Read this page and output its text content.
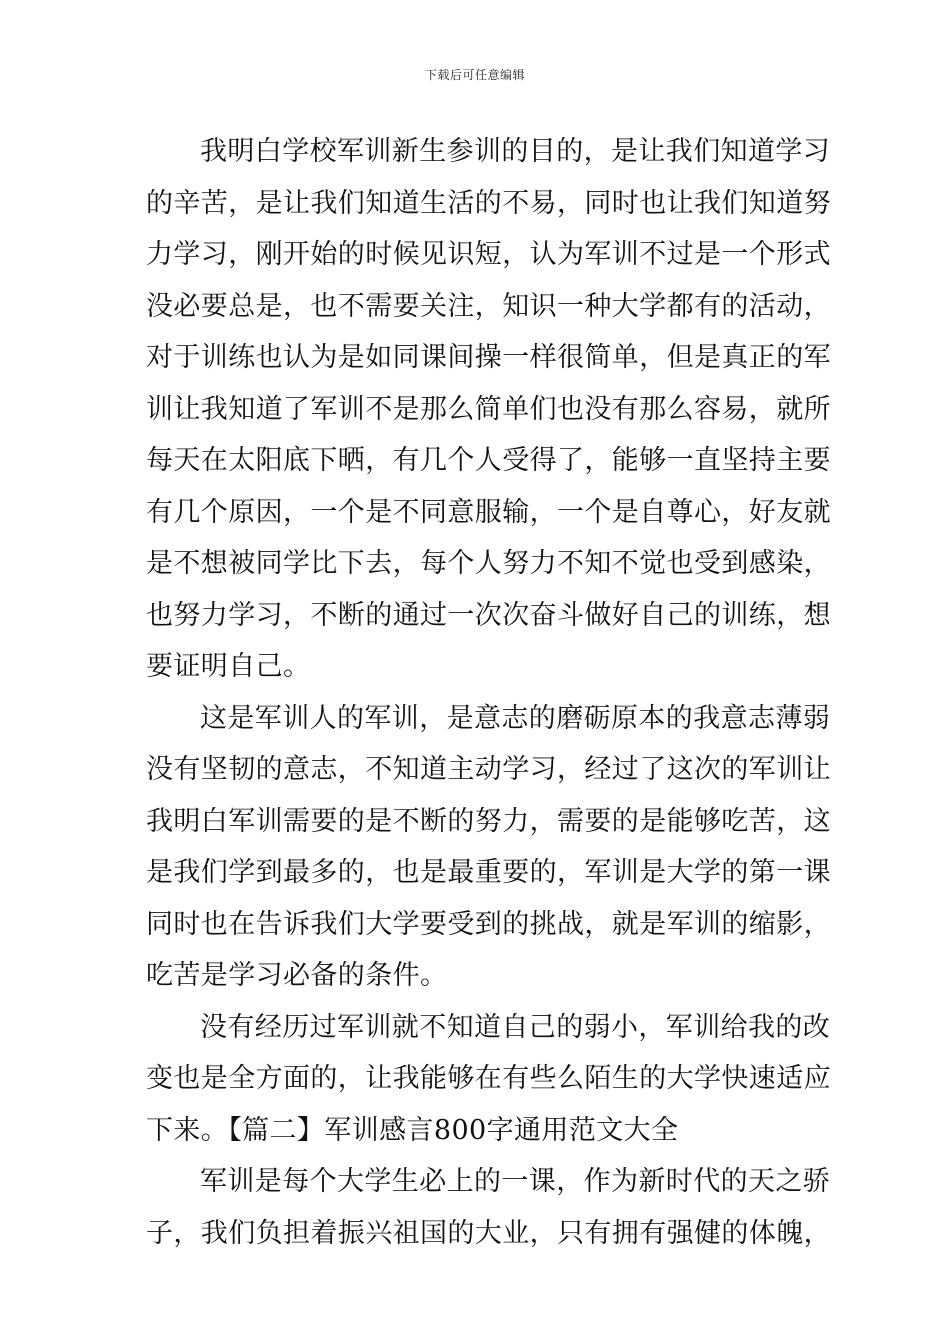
下载后可任意编辑
我明白学校军训新生参训的目的，是让我们知道学习
的辛苦，是让我们知道生活的不易，同时也让我们知道努
力学习，刚开始的时候见识短，认为军训不过是一个形式
没必要总是，也不需要关注，知识一种大学都有的活动，
对于训练也认为是如同课间操一样很简单，但是真正的军
训让我知道了军训不是那么简单们也没有那么容易，就所
每天在太阳底下晒，有几个人受得了，能够一直坚持主要
有几个原因，一个是不同意服输，一个是自尊心，好友就
是不想被同学比下去，每个人努力不知不觉也受到感染，
也努力学习，不断的通过一次次奋斗做好自己的训练，想
要证明自己。
这是军训人的军训，是意志的磨砺原本的我意志薄弱
没有坚韧的意志，不知道主动学习，经过了这次的军训让
我明白军训需要的是不断的努力，需要的是能够吃苦，这
是我们学到最多的，也是最重要的，军训是大学的第一课
同时也在告诉我们大学要受到的挑战，就是军训的缩影，
吃苦是学习必备的条件。
没有经历过军训就不知道自己的弱小，军训给我的改
变也是全方面的，让我能够在有些么陌生的大学快速适应
下来。【篇二】军训感言800字通用范文大全
军训是每个大学生必上的一课，作为新时代的天之骄
子，我们负担着振兴祖国的大业，只有拥有强健的体魄，
